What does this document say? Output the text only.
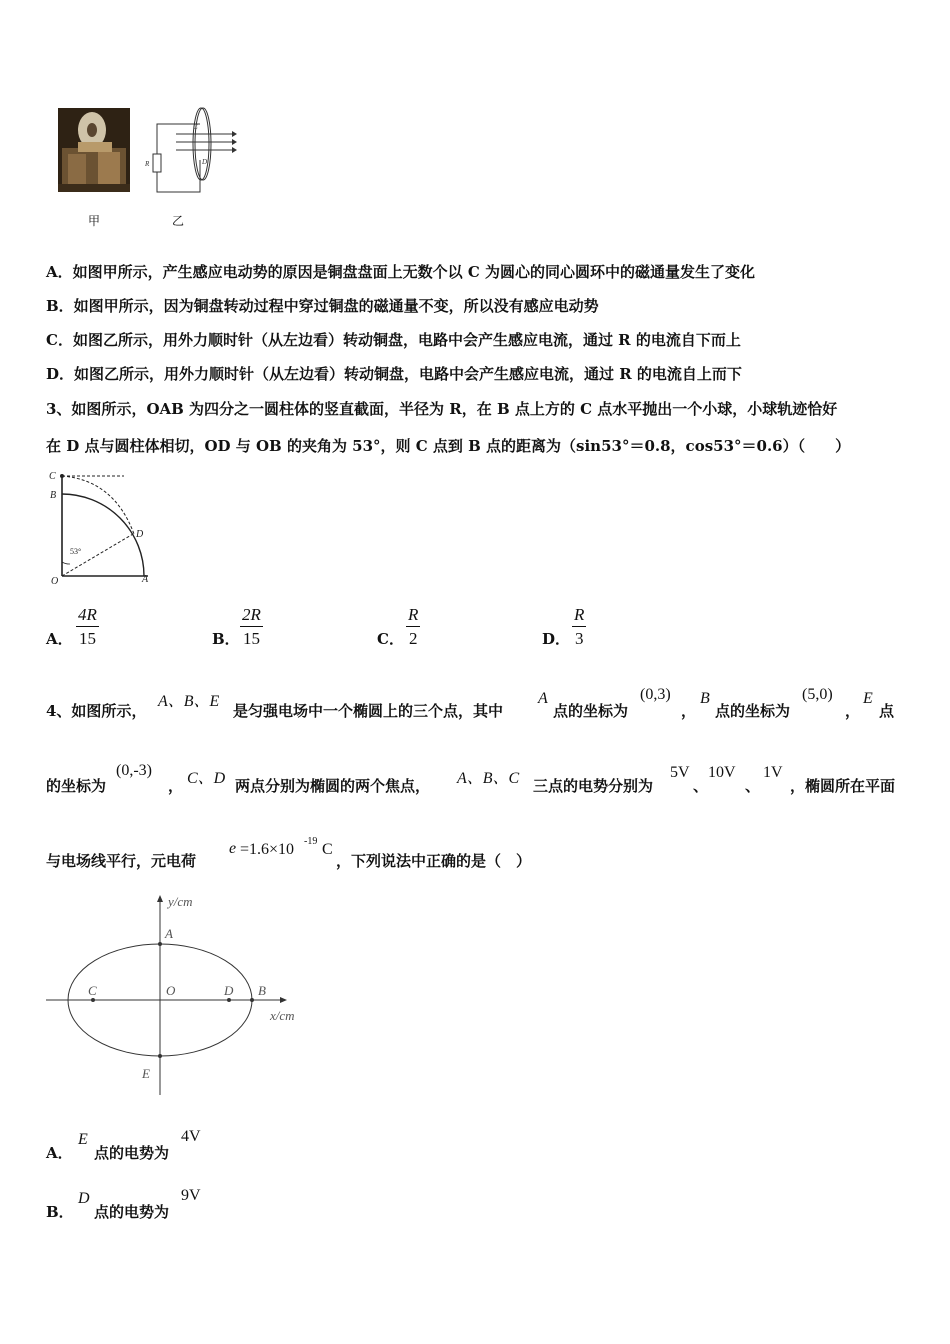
甲
R
C
D
乙
A．如图甲所示，产生感应电动势的原因是铜盘盘面上无数个以 C 为圆心的同心圆环中的磁通量发生了变化
B．如图甲所示，因为铜盘转动过程中穿过铜盘的磁通量不变，所以没有感应电动势
C．如图乙所示，用外力顺时针（从左边看）转动铜盘，电路中会产生感应电流，通过 R 的电流自下而上
D．如图乙所示，用外力顺时针（从左边看）转动铜盘，电路中会产生感应电流，通过 R 的电流自上而下
3、如图所示，OAB 为四分之一圆柱体的竖直截面，半径为 R，在 B 点上方的 C 点水平抛出一个小球，小球轨迹恰好
在 D 点与圆柱体相切，OD 与 OB 的夹角为 53°，则 C 点到 B 点的距离为（sin53°＝0.8，cos53°＝0.6）（　　）
C
B
D
O	A
53°
A． $\frac{4R}{15}$	B． $\frac{2R}{15}$	C． $\frac{R}{2}$	D． $\frac{R}{3}$
4、如图所示，
A、B、E
是匀强电场中一个椭圆上的三个点，其中
A
点的坐标为
(0,3)
，
B
点的坐标为
(5,0)
，
E
点
的坐标为
(0,-3)
， C、D 两点分别为椭圆的两个焦点， A、B、C 三点的电势分别为
5V
、
10V
、
1V
，椭圆所在平面
与电场线平行，元电荷
e =1.6×10 -19 C
，下列说法中正确的是（　）
y/cm
x/cm
A
O
C	D B
E
A．
E
点的电势为
4V
B．
D
点的电势为
9V
